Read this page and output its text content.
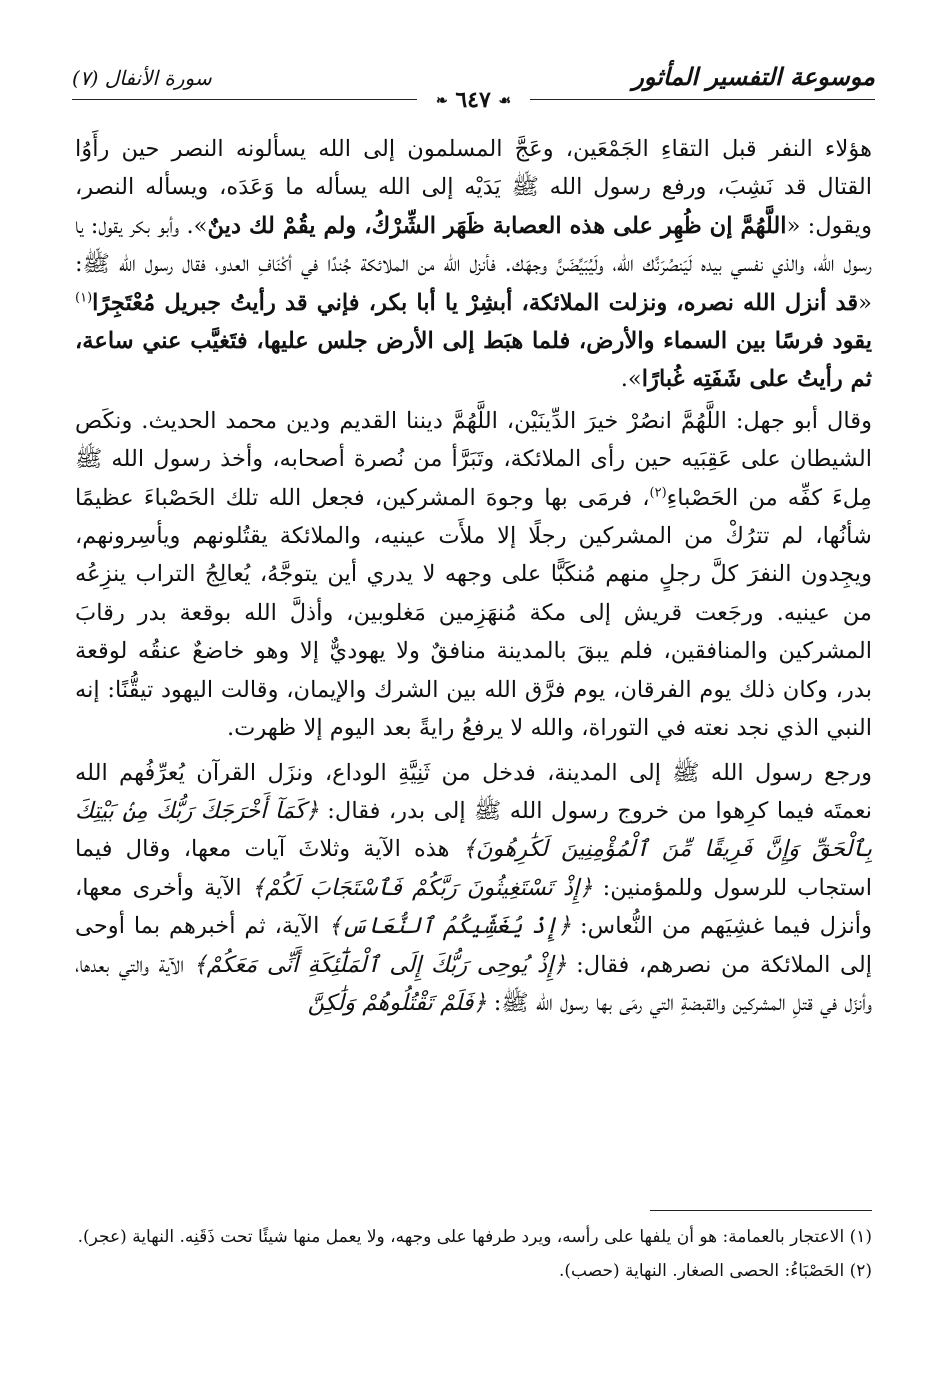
موسوعة التفسير المأثور
سورة الأنفال (٧)
❧ ٦٤٧ ☙

هؤلاء النفر قبل التقاءِ الجَمْعَين، وعَجَّ المسلمون إلى الله يسألونه النصر حين رأَوُا القتال قد نَشِبَ، ورفع رسول الله ﷺ يَدَيْه إلى الله يسأله ما وَعَدَه، ويسأله النصر، ويقول: «اللَّهُمَّ إن ظُهِر على هذه العصابة ظَهَر الشِّرْكُ، ولم يقُمْ لك دينٌ». وأبو بكر يقول: يا رسول الله، والذي نفسي بيده لَيَنصُرَنَّك الله، ولَيُبَيِّضَنَّ وجهَك. فأنزل الله من الملائكة جُندًا في أكْنَافِ العدو، فقال رسول الله ﷺ: «قد أنزل الله نصره، ونزلت الملائكة، أبشِرْ يا أبا بكر، فإني قد رأيتُ جبريل مُعْتَجِرًا$^{(١)}$ يقود فرسًا بين السماء والأرض، فلما هبَط إلى الأرض جلس عليها، فتَغيَّب عني ساعة، ثم رأيتُ على شَفَتِه غُبارًا».

وقال أبو جهل: اللَّهُمَّ انصُرْ خيرَ الدِّينَيْن، اللَّهُمَّ ديننا القديم ودين محمد الحديث. ونكَص الشيطان على عَقِبَيه حين رأى الملائكة، وتَبَرَّأ من نُصرة أصحابه، وأخذ رسول الله ﷺ مِلءَ كفِّه من الحَصْباءِ$^{(٢)}$، فرمَى بها وجوهَ المشركين، فجعل الله تلك الحَصْباءَ عظيمًا شأنُها، لم تترُكْ من المشركين رجلًا إلا ملأَت عينيه، والملائكة يقتُلونهم ويأسِرونهم، ويجِدون النفرَ كلَّ رجلٍ منهم مُنكَبًّا على وجهه لا يدري أين يتوجَّهُ، يُعالِجُ التراب ينزِعُه من عينيه. ورجَعت قريش إلى مكة مُنهَزِمين مَغلوبين، وأذلَّ الله بوقعة بدر رقابَ المشركين والمنافقين، فلم يبقَ بالمدينة منافقٌ ولا يهوديٌّ إلا وهو خاضعٌ عنقُه لوقعة بدر، وكان ذلك يوم الفرقان، يوم فرَّق الله بين الشرك والإيمان، وقالت اليهود تيقُّنًا: إنه النبي الذي نجد نعته في التوراة، والله لا يرفعُ رايةً بعد اليوم إلا ظهرت.

ورجع رسول الله ﷺ إلى المدينة، فدخل من ثَنِيَّةِ الوداع، ونزَل القرآن يُعرِّفُهم الله نعمتَه فيما كرِهوا من خروج رسول الله ﷺ إلى بدر، فقال: ﴿كَمَآ أَخْرَجَكَ رَبُّكَ مِنۢ بَيْتِكَ بِٱلْحَقِّ وَإِنَّ فَرِيقًا مِّنَ ٱلْمُؤْمِنِينَ لَكَٰرِهُونَ﴾ هذه الآية وثلاثَ آيات معها، وقال فيما استجاب للرسول وللمؤمنين: ﴿إِذْ تَسْتَغِيثُونَ رَبَّكُمْ فَٱسْتَجَابَ لَكُمْ﴾ الآية وأخرى معها، وأنزل فيما غشِيَهم من النُّعاس: ﴿إِذْ يُغَشِّيكُمُ ٱلنُّعَاسَ﴾ الآية، ثم أخبرهم بما أوحى إلى الملائكة من نصرهم، فقال: ﴿إِذْ يُوحِى رَبُّكَ إِلَى ٱلْمَلَٰٓئِكَةِ أَنِّى مَعَكُمْ﴾ الآية والتي بعدها، وأنزَل في قتلِ المشركين والقبضةِ التي رمَى بها رسول الله ﷺ: ﴿فَلَمْ تَقْتُلُوهُمْ وَلَٰكِنَّ

(١) الاعتجار بالعمامة: هو أن يلفها على رأسه، ويرد طرفها على وجهه، ولا يعمل منها شيئًا تحت ذَقَنِه. النهاية (عجر).

(٢) الحَصْبَاءُ: الحصى الصغار. النهاية (حصب).
